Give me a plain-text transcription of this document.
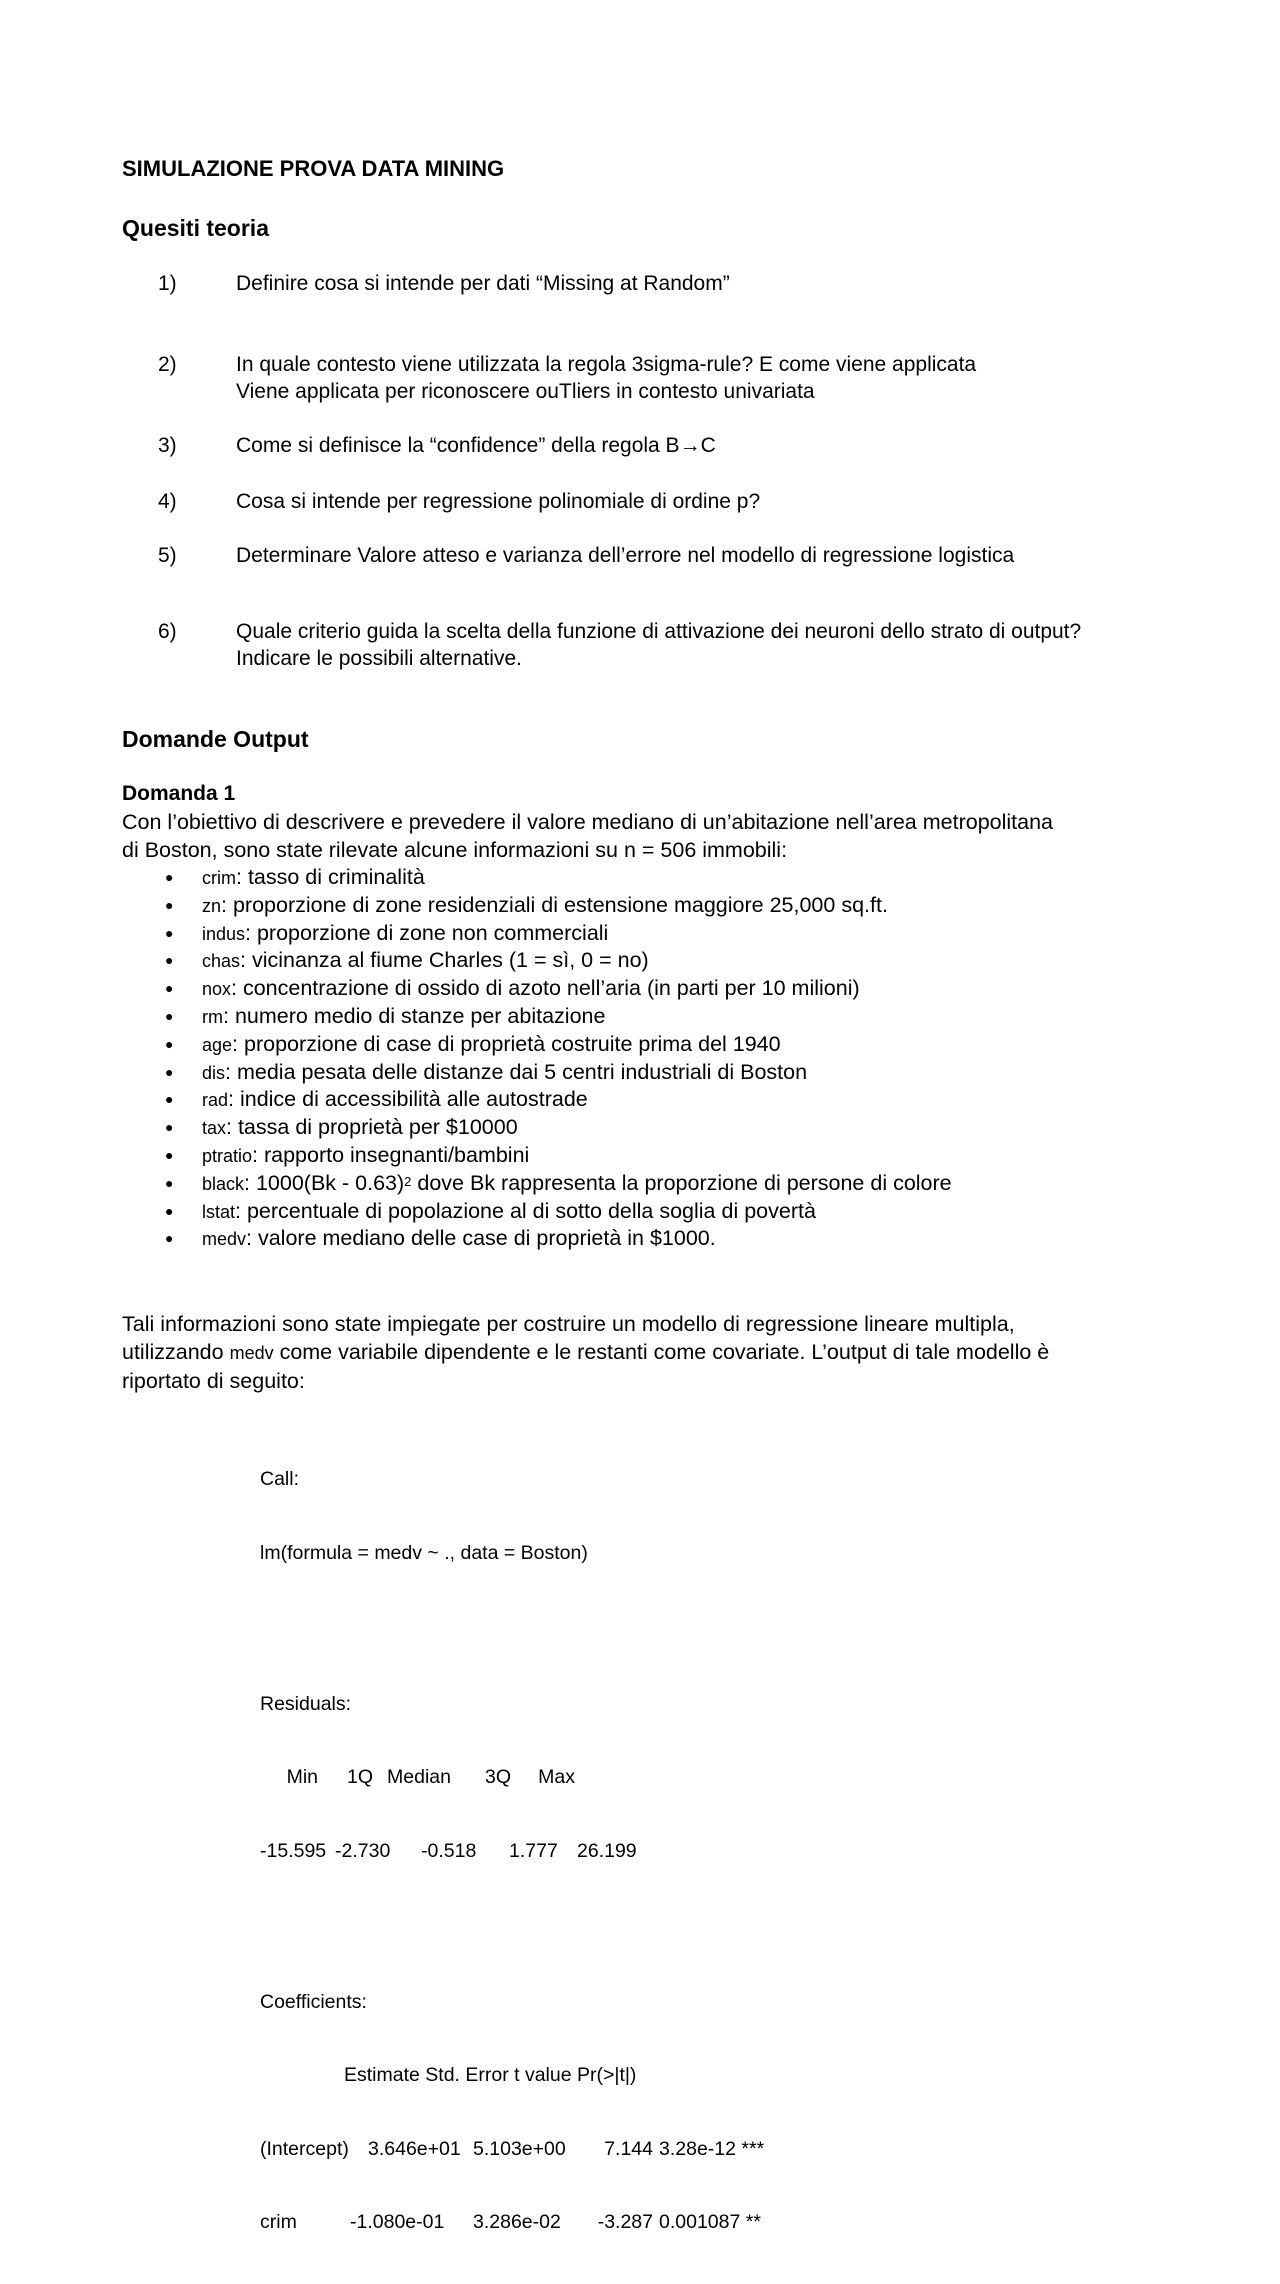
SIMULAZIONE PROVA DATA MINING
Quesiti teoria
1)	Definire cosa si intende per dati “Missing at Random”
2)	In quale contesto viene utilizzata la regola 3sigma-rule? E come viene applicata
Viene applicata per riconoscere ouTliers in contesto univariata
3)	Come si definisce la “confidence” della regola B→C
4)	Cosa si intende per regressione polinomiale di ordine p?
5)	Determinare Valore atteso e varianza dell’errore nel modello di regressione logistica
6)	Quale criterio guida la scelta della funzione di attivazione dei neuroni dello strato di output?
Indicare le possibili alternative.
Domande Output
Domanda 1
Con l’obiettivo di descrivere e prevedere il valore mediano di un’abitazione nell’area metropolitana
di Boston, sono state rilevate alcune informazioni su n = 506 immobili:
● crim: tasso di criminalità
● zn: proporzione di zone residenziali di estensione maggiore 25,000 sq.ft.
● indus: proporzione di zone non commerciali
● chas: vicinanza al fiume Charles (1 = sì, 0 = no)
● nox: concentrazione di ossido di azoto nell’aria (in parti per 10 milioni)
● rm: numero medio di stanze per abitazione
● age: proporzione di case di proprietà costruite prima del 1940
● dis: media pesata delle distanze dai 5 centri industriali di Boston
● rad: indice di accessibilità alle autostrade
● tax: tassa di proprietà per $10000
● ptratio: rapporto insegnanti/bambini
● black: 1000(Bk - 0.63)$^2$ dove Bk rappresenta la proporzione di persone di colore
● lstat: percentuale di popolazione al di sotto della soglia di povertà
● medv: valore mediano delle case di proprietà in $1000.
Tali informazioni sono state impiegate per costruire un modello di regressione lineare multipla,
utilizzando medv come variabile dipendente e le restanti come covariate. L’output di tale modello è
riportato di seguito:

Call:

lm(formula = medv ~ ., data = Boston)

Residuals:

Min	1Q Median	3Q	Max

-15.595 -2.730	-0.518	1.777 26.199

Coefficients:

Estimate Std. Error t value Pr(>|t|)

(Intercept) 3.646e+01 5.103e+00	7.144 3.28e-12 ***

crim	-1.080e-01	3.286e-02	-3.287 0.001087 **
